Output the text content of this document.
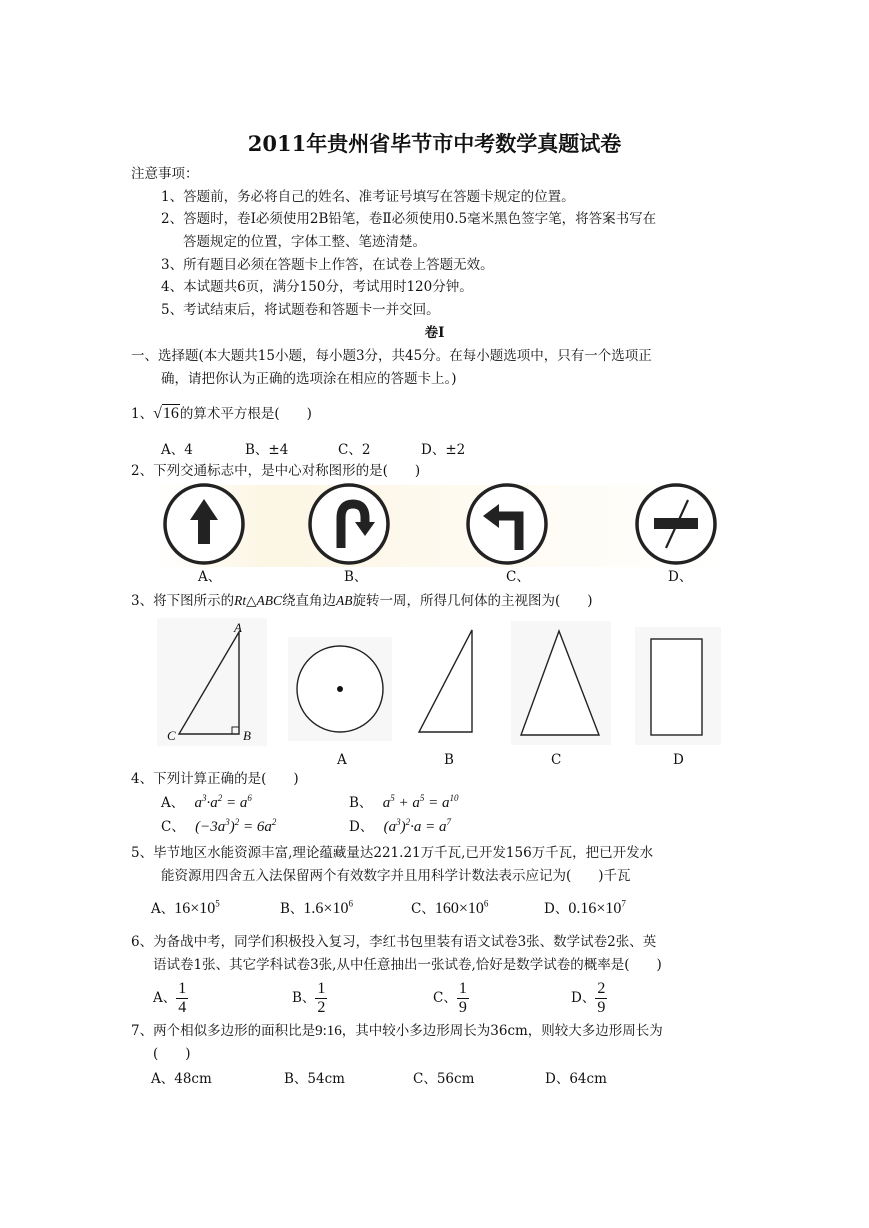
2011年贵州省毕节市中考数学真题试卷
注意事项：
1、答题前，务必将自己的姓名、准考证号填写在答题卡规定的位置。
2、答题时，卷Ⅰ必须使用2B铅笔，卷Ⅱ必须使用0.5毫米黑色签字笔，将答案书写在
答题规定的位置，字体工整、笔迹清楚。
3、所有题目必须在答题卡上作答，在试卷上答题无效。
4、本试题共6页，满分150分，考试用时120分钟。
5、考试结束后，将试题卷和答题卡一并交回。
卷Ⅰ
一、选择题(本大题共15小题，每小题3分，共45分。在每小题选项中，只有一个选项正
确，请把你认为正确的选项涂在相应的答题卡上。)
1、√16的算术平方根是(　　)
A、4	B、±4	C、2	D、±2
2、下列交通标志中，是中心对称图形的是(　　)
A、	B、	C、	D、
3、将下图所示的Rt△ABC绕直角边AB旋转一周，所得几何体的主视图为(　　)
A
C	B
A	B	C	D
4、下列计算正确的是(　　)
A、 $a^3\cdot a^2 = a^6$	B、 $a^5 + a^5 = a^{10}$
C、 $(-3a^3)^2 = 6a^2$	D、 $(a^3)^2\cdot a = a^7$
5、毕节地区水能资源丰富,理论蕴藏量达221.21万千瓦,已开发156万千瓦，把已开发水
能资源用四舍五入法保留两个有效数字并且用科学计数法表示应记为(　　)千瓦
A、$16\times 10^5$	B、$1.6\times 10^6$	C、$160\times 10^6$	D、$0.16\times 10^7$
6、为备战中考，同学们积极投入复习，李红书包里装有语文试卷3张、数学试卷2张、英
语试卷1张、其它学科试卷3张,从中任意抽出一张试卷,恰好是数学试卷的概率是(　　)
A、 $\frac{1}{4}$	B、 $\frac{1}{2}$	C、 $\frac{1}{9}$	D、 $\frac{2}{9}$
7、两个相似多边形的面积比是9:16，其中较小多边形周长为36cm，则较大多边形周长为
(　　)
A、48cm	B、54cm	C、56cm	D、64cm
